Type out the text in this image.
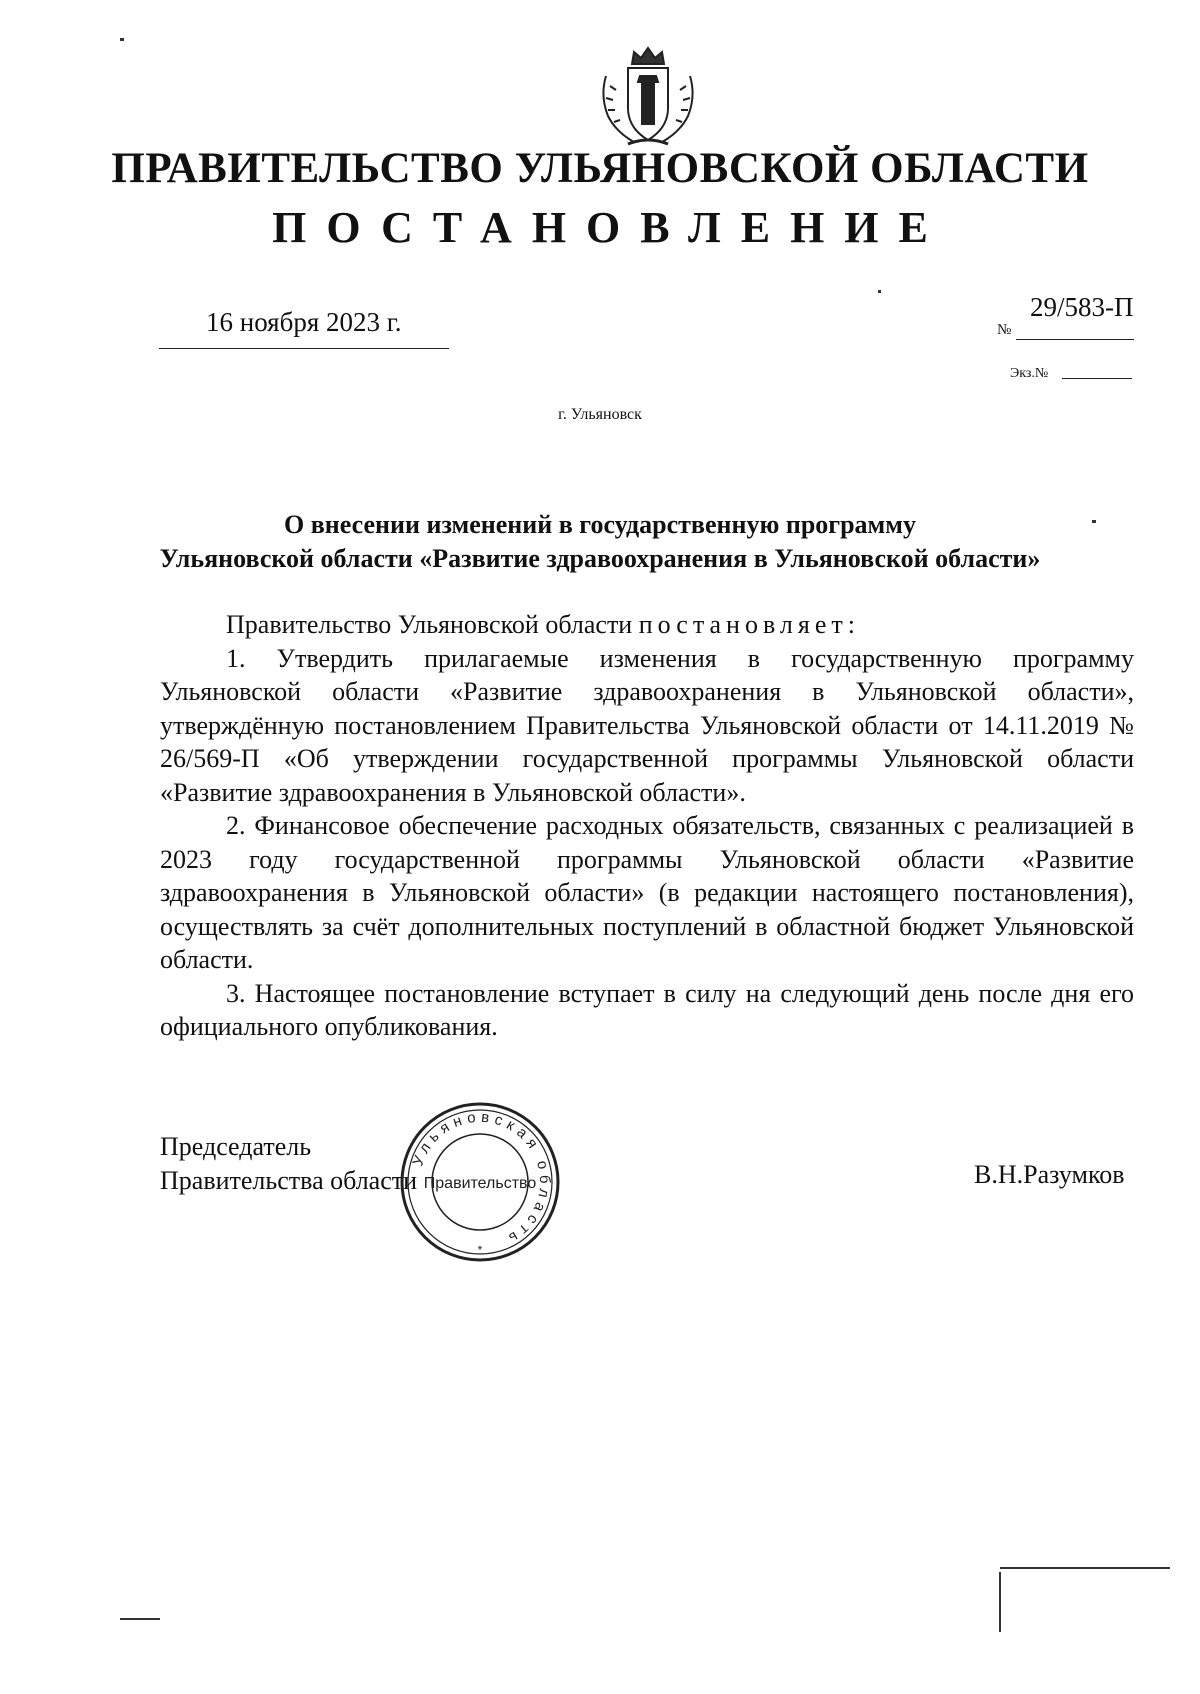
ПРАВИТЕЛЬСТВО УЛЬЯНОВСКОЙ ОБЛАСТИ
ПОСТАНОВЛЕНИЕ
16 ноября 2023 г.	29/583-П
№
Экз.№
г. Ульяновск
О внесении изменений в государственную программу
Ульяновской области «Развитие здравоохранения в Ульяновской области»

Правительство Ульяновской области постановляет:

1. Утвердить прилагаемые изменения в государственную программу Ульяновской области «Развитие здравоохранения в Ульяновской области», утверждённую постановлением Правительства Ульяновской области от 14.11.2019 № 26/569-П «Об утверждении государственной программы Ульяновской области «Развитие здравоохранения в Ульяновской области».

2. Финансовое обеспечение расходных обязательств, связанных с реализацией в 2023 году государственной программы Ульяновской области «Развитие здравоохранения в Ульяновской области» (в редакции настоящего постановления), осуществлять за счёт дополнительных поступлений в областной бюджет Ульяновской области.

3. Настоящее постановление вступает в силу на следующий день после дня его официального опубликования.

Председатель
Правительства области	В.Н.Разумков
Ульяновская область
Правительство
*
